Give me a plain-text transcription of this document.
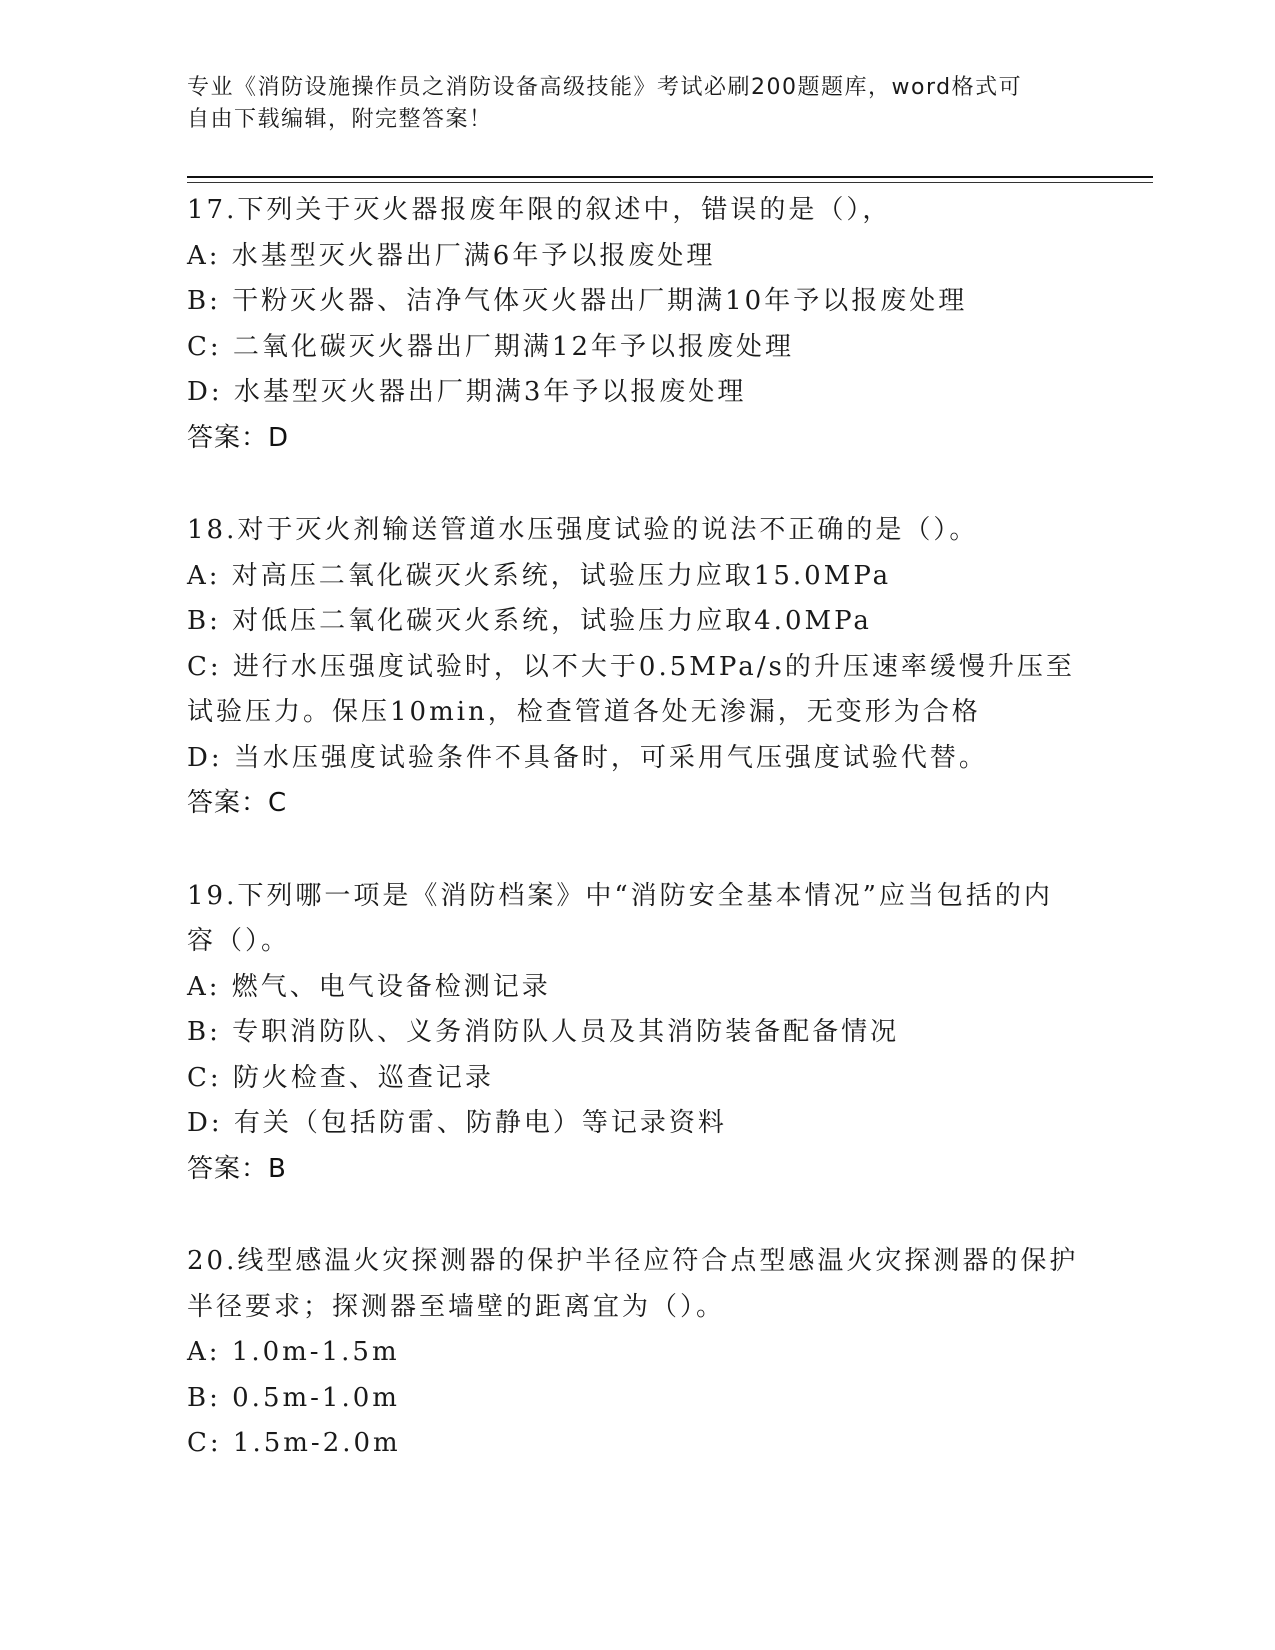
专业《消防设施操作员之消防设备高级技能》考试必刷200题题库，word格式可
自由下载编辑，附完整答案！
17.下列关于灭火器报废年限的叙述中，错误的是（），
A: 水基型灭火器出厂满6年予以报废处理
B: 干粉灭火器、洁净气体灭火器出厂期满10年予以报废处理
C: 二氧化碳灭火器出厂期满12年予以报废处理
D: 水基型灭火器出厂期满3年予以报废处理
答案：D
18.对于灭火剂输送管道水压强度试验的说法不正确的是（）。
A: 对高压二氧化碳灭火系统，试验压力应取15.0MPa
B: 对低压二氧化碳灭火系统，试验压力应取4.0MPa
C: 进行水压强度试验时，以不大于0.5MPa/s的升压速率缓慢升压至
试验压力。保压10min，检查管道各处无渗漏，无变形为合格
D: 当水压强度试验条件不具备时，可采用气压强度试验代替。
答案：C
19.下列哪一项是《消防档案》中“消防安全基本情况”应当包括的内
容（）。
A: 燃气、电气设备检测记录
B: 专职消防队、义务消防队人员及其消防装备配备情况
C: 防火检查、巡查记录
D: 有关（包括防雷、防静电）等记录资料
答案：B
20.线型感温火灾探测器的保护半径应符合点型感温火灾探测器的保护
半径要求；探测器至墙壁的距离宜为（）。
A: 1.0m-1.5m
B: 0.5m-1.0m
C: 1.5m-2.0m
